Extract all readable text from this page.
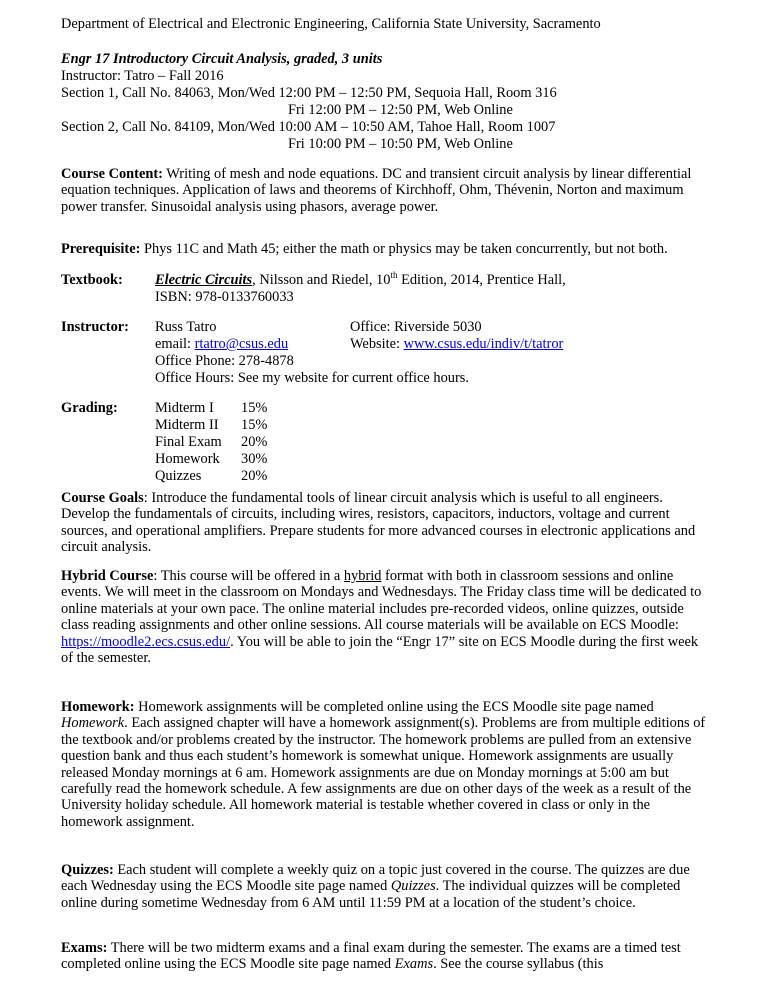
Department of Electrical and Electronic Engineering, California State University, Sacramento

Engr 17 Introductory Circuit Analysis, graded, 3 units

Instructor: Tatro – Fall 2016

Section 1, Call No. 84063, Mon/Wed 12:00 PM – 12:50 PM, Sequoia Hall, Room 316

Fri 12:00 PM – 12:50 PM, Web Online

Section 2, Call No. 84109, Mon/Wed 10:00 AM – 10:50 AM, Tahoe Hall, Room 1007

Fri 10:00 PM – 10:50 PM, Web Online

Course Content: Writing of mesh and node equations. DC and transient circuit analysis by linear differential equation techniques. Application of laws and theorems of Kirchhoff, Ohm, Thévenin, Norton and maximum power transfer. Sinusoidal analysis using phasors, average power.

Prerequisite: Phys 11C and Math 45; either the math or physics may be taken concurrently, but not both.

Textbook: Electric Circuits, Nilsson and Riedel, 10th Edition, 2014, Prentice Hall,

ISBN: 978-0133760033

Instructor: Russ Tatro	Office: Riverside 5030

email: rtatro@csus.edu	Website: www.csus.edu/indiv/t/tatror

Office Phone: 278-4878

Office Hours: See my website for current office hours.

Grading:	Midterm I 15%
Midterm II 15%
Final Exam 20%
Homework 30%
Quizzes	20%

Course Goals: Introduce the fundamental tools of linear circuit analysis which is useful to all engineers. Develop the fundamentals of circuits, including wires, resistors, capacitors, inductors, voltage and current sources, and operational amplifiers. Prepare students for more advanced courses in electronic applications and circuit analysis.

Hybrid Course: This course will be offered in a hybrid format with both in classroom sessions and online events. We will meet in the classroom on Mondays and Wednesdays. The Friday class time will be dedicated to online materials at your own pace. The online material includes pre-recorded videos, online quizzes, outside class reading assignments and other online sessions. All course materials will be available on ECS Moodle: https://moodle2.ecs.csus.edu/. You will be able to join the “Engr 17” site on ECS Moodle during the first week of the semester.

Homework: Homework assignments will be completed online using the ECS Moodle site page named Homework. Each assigned chapter will have a homework assignment(s). Problems are from multiple editions of the textbook and/or problems created by the instructor. The homework problems are pulled from an extensive question bank and thus each student’s homework is somewhat unique. Homework assignments are usually released Monday mornings at 6 am. Homework assignments are due on Monday mornings at 5:00 am but carefully read the homework schedule. A few assignments are due on other days of the week as a result of the University holiday schedule. All homework material is testable whether covered in class or only in the homework assignment.

Quizzes: Each student will complete a weekly quiz on a topic just covered in the course. The quizzes are due each Wednesday using the ECS Moodle site page named Quizzes. The individual quizzes will be completed online during sometime Wednesday from 6 AM until 11:59 PM at a location of the student’s choice.

Exams: There will be two midterm exams and a final exam during the semester. The exams are a timed test completed online using the ECS Moodle site page named Exams. See the course syllabus (this
